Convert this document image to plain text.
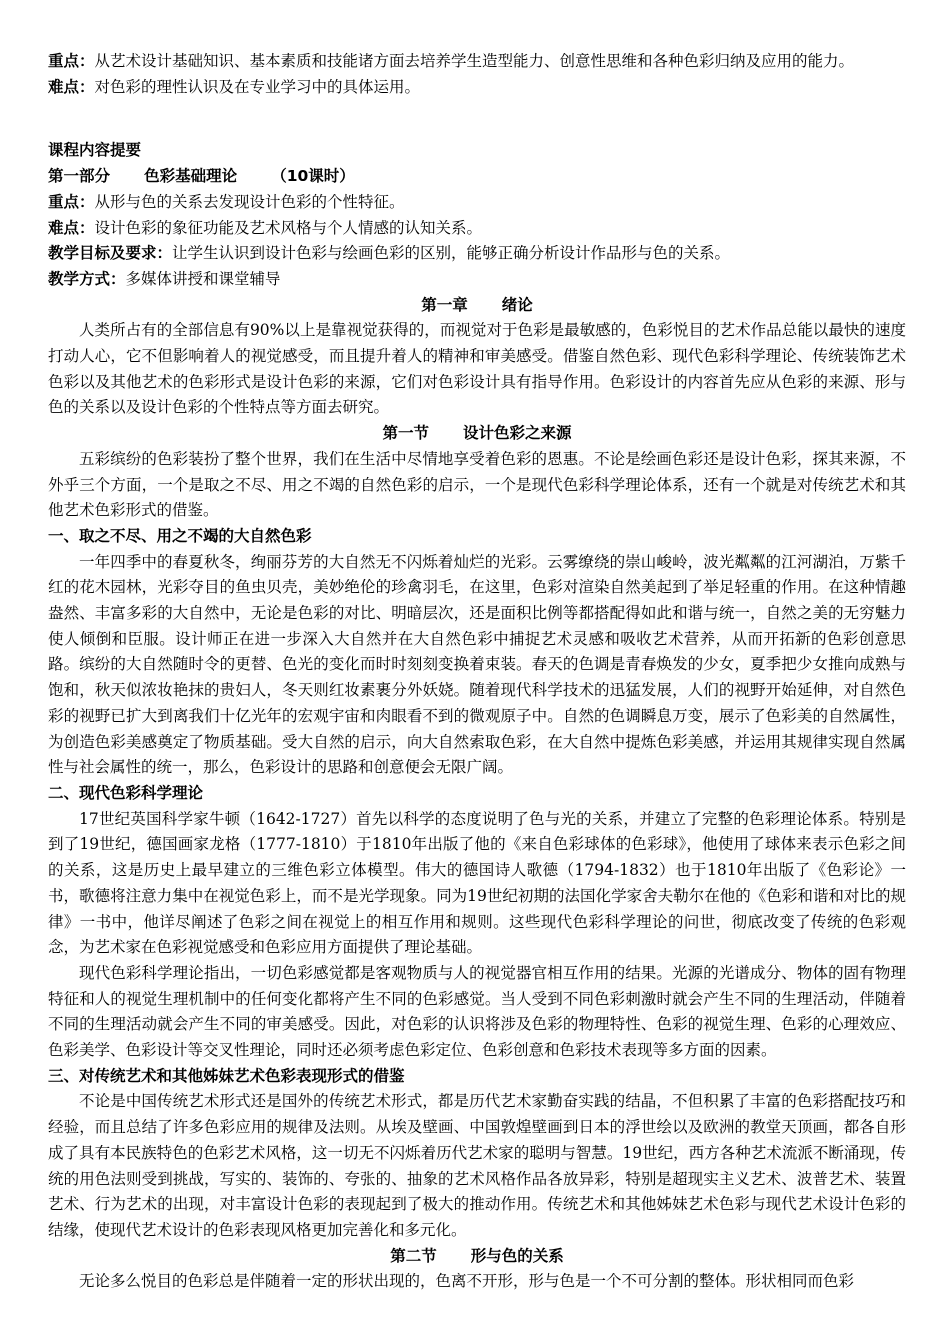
重点：从艺术设计基础知识、基本素质和技能诸方面去培养学生造型能力、创意性思维和各种色彩归纳及应用的能力。

难点：对色彩的理性认识及在专业学习中的具体运用。

课程内容提要

第一部分 色彩基础理论 （10课时）

重点：从形与色的关系去发现设计色彩的个性特征。

难点：设计色彩的象征功能及艺术风格与个人情感的认知关系。

教学目标及要求：让学生认识到设计色彩与绘画色彩的区别，能够正确分析设计作品形与色的关系。

教学方式：多媒体讲授和课堂辅导

第一章 绪论

人类所占有的全部信息有90%以上是靠视觉获得的，而视觉对于色彩是最敏感的，色彩悦目的艺术作品总能以最快的速度打动人心，它不但影响着人的视觉感受，而且提升着人的精神和审美感受。借鉴自然色彩、现代色彩科学理论、传统装饰艺术色彩以及其他艺术的色彩形式是设计色彩的来源，它们对色彩设计具有指导作用。色彩设计的内容首先应从色彩的来源、形与色的关系以及设计色彩的个性特点等方面去研究。

第一节 设计色彩之来源

五彩缤纷的色彩装扮了整个世界，我们在生活中尽情地享受着色彩的恩惠。不论是绘画色彩还是设计色彩，探其来源，不外乎三个方面，一个是取之不尽、用之不竭的自然色彩的启示，一个是现代色彩科学理论体系，还有一个就是对传统艺术和其他艺术色彩形式的借鉴。

一、取之不尽、用之不竭的大自然色彩

一年四季中的春夏秋冬，绚丽芬芳的大自然无不闪烁着灿烂的光彩。云雾缭绕的崇山峻岭，波光粼粼的江河湖泊，万紫千红的花木园林，光彩夺目的鱼虫贝壳，美妙绝伦的珍禽羽毛，在这里，色彩对渲染自然美起到了举足轻重的作用。在这种情趣盎然、丰富多彩的大自然中，无论是色彩的对比、明暗层次，还是面积比例等都搭配得如此和谐与统一，自然之美的无穷魅力使人倾倒和臣服。设计师正在进一步深入大自然并在大自然色彩中捕捉艺术灵感和吸收艺术营养，从而开拓新的色彩创意思路。缤纷的大自然随时令的更替、色光的变化而时时刻刻变换着束装。春天的色调是青春焕发的少女，夏季把少女推向成熟与饱和，秋天似浓妆艳抹的贵妇人，冬天则红妆素裹分外妖娆。随着现代科学技术的迅猛发展，人们的视野开始延伸，对自然色彩的视野已扩大到离我们十亿光年的宏观宇宙和肉眼看不到的微观原子中。自然的色调瞬息万变，展示了色彩美的自然属性，为创造色彩美感奠定了物质基础。受大自然的启示，向大自然索取色彩，在大自然中提炼色彩美感，并运用其规律实现自然属性与社会属性的统一，那么，色彩设计的思路和创意便会无限广阔。

二、现代色彩科学理论

17世纪英国科学家牛顿（1642-1727）首先以科学的态度说明了色与光的关系，并建立了完整的色彩理论体系。特别是到了19世纪，德国画家龙格（1777-1810）于1810年出版了他的《来自色彩球体的色彩球》，他使用了球体来表示色彩之间的关系，这是历史上最早建立的三维色彩立体模型。伟大的德国诗人歌德（1794-1832）也于1810年出版了《色彩论》一书，歌德将注意力集中在视觉色彩上，而不是光学现象。同为19世纪初期的法国化学家舍夫勒尔在他的《色彩和谐和对比的规律》一书中，他详尽阐述了色彩之间在视觉上的相互作用和规则。这些现代色彩科学理论的问世，彻底改变了传统的色彩观念，为艺术家在色彩视觉感受和色彩应用方面提供了理论基础。

现代色彩科学理论指出，一切色彩感觉都是客观物质与人的视觉器官相互作用的结果。光源的光谱成分、物体的固有物理特征和人的视觉生理机制中的任何变化都将产生不同的色彩感觉。当人受到不同色彩刺激时就会产生不同的生理活动，伴随着不同的生理活动就会产生不同的审美感受。因此，对色彩的认识将涉及色彩的物理特性、色彩的视觉生理、色彩的心理效应、色彩美学、色彩设计等交叉性理论，同时还必须考虑色彩定位、色彩创意和色彩技术表现等多方面的因素。

三、对传统艺术和其他姊妹艺术色彩表现形式的借鉴

不论是中国传统艺术形式还是国外的传统艺术形式，都是历代艺术家勤奋实践的结晶，不但积累了丰富的色彩搭配技巧和经验，而且总结了许多色彩应用的规律及法则。从埃及壁画、中国敦煌壁画到日本的浮世绘以及欧洲的教堂天顶画，都各自形成了具有本民族特色的色彩艺术风格，这一切无不闪烁着历代艺术家的聪明与智慧。19世纪，西方各种艺术流派不断涌现，传统的用色法则受到挑战，写实的、装饰的、夸张的、抽象的艺术风格作品各放异彩，特别是超现实主义艺术、波普艺术、装置艺术、行为艺术的出现，对丰富设计色彩的表现起到了极大的推动作用。传统艺术和其他姊妹艺术色彩与现代艺术设计色彩的结缘，使现代艺术设计的色彩表现风格更加完善化和多元化。

第二节 形与色的关系

无论多么悦目的色彩总是伴随着一定的形状出现的，色离不开形，形与色是一个不可分割的整体。形状相同而色彩
